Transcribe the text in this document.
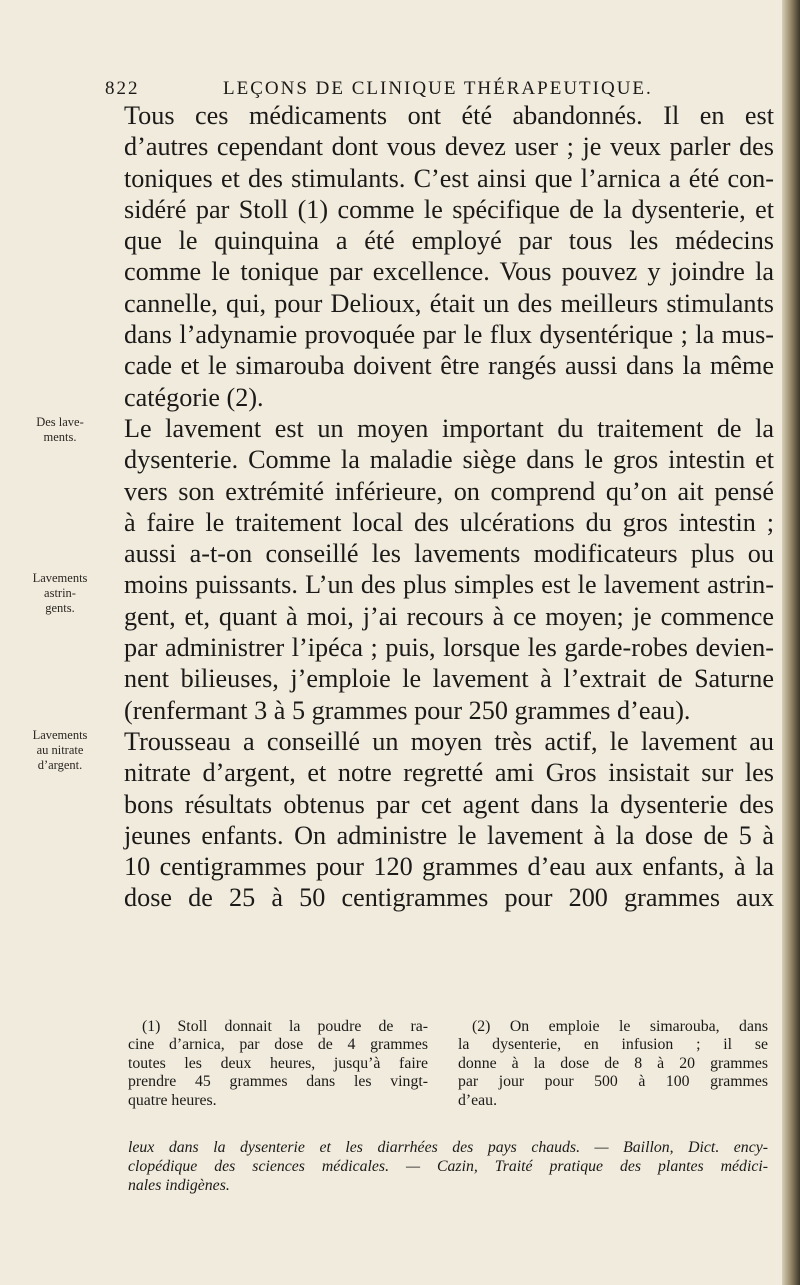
822	LEÇONS DE CLINIQUE THÉRAPEUTIQUE.
Tous ces médicaments ont été abandonnés. Il en est
d’autres cependant dont vous devez user ; je veux parler des
toniques et des stimulants. C’est ainsi que l’arnica a été con-
sidéré par Stoll (1) comme le spécifique de la dysenterie, et
que le quinquina a été employé par tous les médecins
comme le tonique par excellence. Vous pouvez y joindre la
cannelle, qui, pour Delioux, était un des meilleurs stimulants
dans l’adynamie provoquée par le flux dysentérique ; la mus-
cade et le simarouba doivent être rangés aussi dans la même
catégorie (2).
Le lavement est un moyen important du traitement de la
dysenterie. Comme la maladie siège dans le gros intestin et
vers son extrémité inférieure, on comprend qu’on ait pensé
à faire le traitement local des ulcérations du gros intestin ;
aussi a-t-on conseillé les lavements modificateurs plus ou
moins puissants. L’un des plus simples est le lavement astrin-
gent, et, quant à moi, j’ai recours à ce moyen; je commence
par administrer l’ipéca ; puis, lorsque les garde-robes devien-
nent bilieuses, j’emploie le lavement à l’extrait de Saturne
(renfermant 3 à 5 grammes pour 250 grammes d’eau).
Trousseau a conseillé un moyen très actif, le lavement au
nitrate d’argent, et notre regretté ami Gros insistait sur les
bons résultats obtenus par cet agent dans la dysenterie des
jeunes enfants. On administre le lavement à la dose de 5 à
10 centigrammes pour 120 grammes d’eau aux enfants, à la
dose de 25 à 50 centigrammes pour 200 grammes aux
Des lave-
ments.
Lavements
astrin-
gents.
Lavements
au nitrate
d’argent.
(1) Stoll donnait la poudre de ra-
cine d’arnica, par dose de 4 grammes
toutes les deux heures, jusqu’à faire
prendre 45 grammes dans les vingt-
quatre heures.
(2) On emploie le simarouba, dans
la dysenterie, en infusion ; il se
donne à la dose de 8 à 20 grammes
par jour pour 500 à 100 grammes
d’eau.
leux dans la dysenterie et les diarrhées des pays chauds. — Baillon, Dict. ency-
clopédique des sciences médicales. — Cazin, Traité pratique des plantes médici-
nales indigènes.
